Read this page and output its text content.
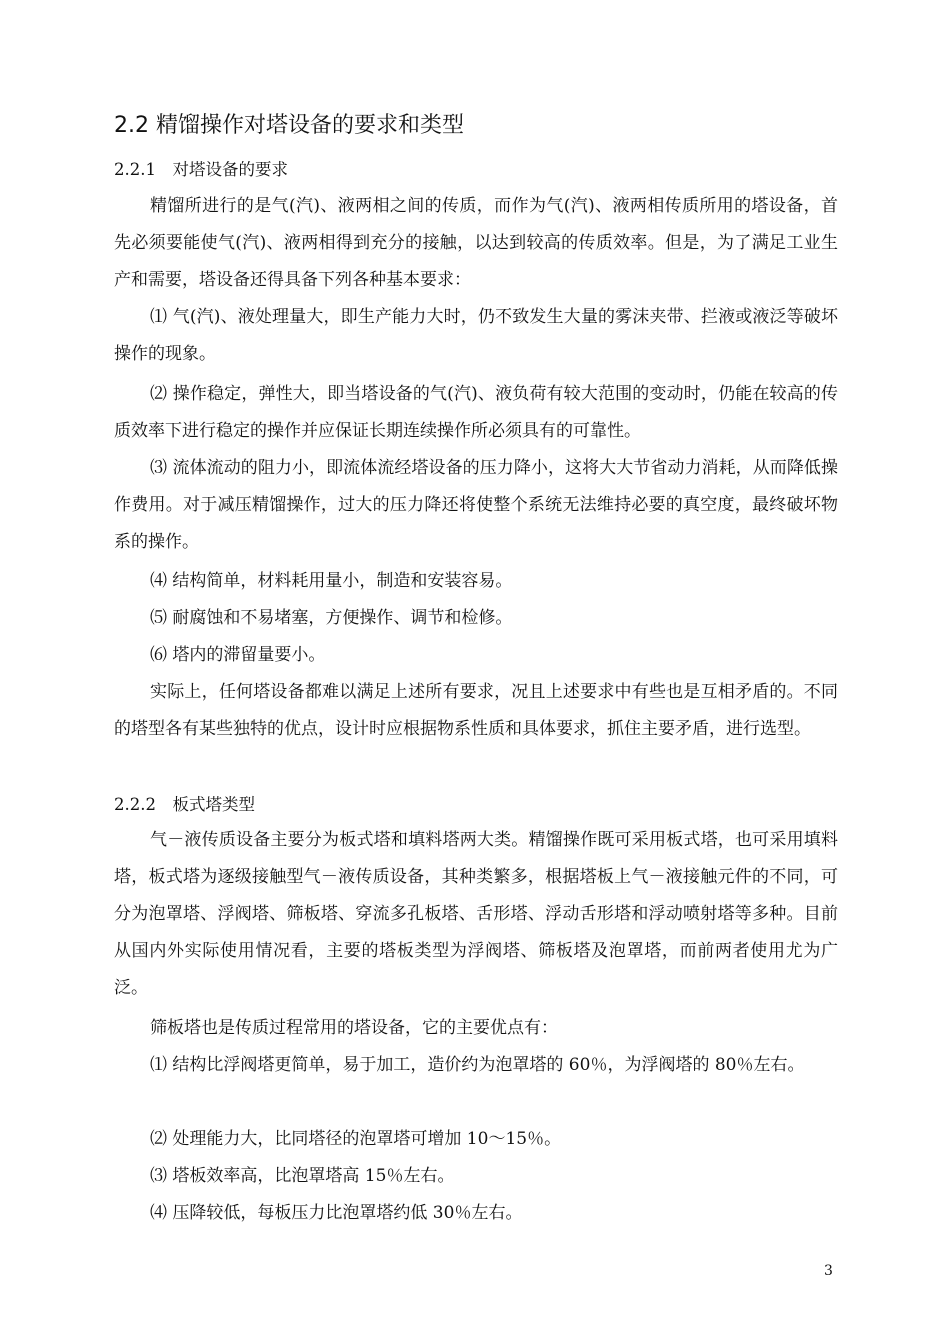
2.2 精馏操作对塔设备的要求和类型
2.2.1　对塔设备的要求

精馏所进行的是气(汽)、液两相之间的传质，而作为气(汽)、液两相传质所用的塔设备，首先必须要能使气(汽)、液两相得到充分的接触，以达到较高的传质效率。但是，为了满足工业生产和需要，塔设备还得具备下列各种基本要求：

⑴ 气(汽)、液处理量大，即生产能力大时，仍不致发生大量的雾沫夹带、拦液或液泛等破坏操作的现象。

⑵ 操作稳定，弹性大，即当塔设备的气(汽)、液负荷有较大范围的变动时，仍能在较高的传质效率下进行稳定的操作并应保证长期连续操作所必须具有的可靠性。

⑶ 流体流动的阻力小，即流体流经塔设备的压力降小，这将大大节省动力消耗，从而降低操作费用。对于减压精馏操作，过大的压力降还将使整个系统无法维持必要的真空度，最终破坏物系的操作。

⑷ 结构简单，材料耗用量小，制造和安装容易。

⑸ 耐腐蚀和不易堵塞，方便操作、调节和检修。

⑹ 塔内的滞留量要小。

实际上，任何塔设备都难以满足上述所有要求，况且上述要求中有些也是互相矛盾的。不同的塔型各有某些独特的优点，设计时应根据物系性质和具体要求，抓住主要矛盾，进行选型。

2.2.2　板式塔类型

气－液传质设备主要分为板式塔和填料塔两大类。精馏操作既可采用板式塔，也可采用填料塔，板式塔为逐级接触型气－液传质设备，其种类繁多，根据塔板上气－液接触元件的不同，可分为泡罩塔、浮阀塔、筛板塔、穿流多孔板塔、舌形塔、浮动舌形塔和浮动喷射塔等多种。目前从国内外实际使用情况看，主要的塔板类型为浮阀塔、筛板塔及泡罩塔，而前两者使用尤为广泛。

筛板塔也是传质过程常用的塔设备，它的主要优点有：

⑴ 结构比浮阀塔更简单，易于加工，造价约为泡罩塔的 60％，为浮阀塔的 80％左右。

⑵ 处理能力大，比同塔径的泡罩塔可增加 10～15％。

⑶ 塔板效率高，比泡罩塔高 15％左右。

⑷ 压降较低，每板压力比泡罩塔约低 30％左右。

3
